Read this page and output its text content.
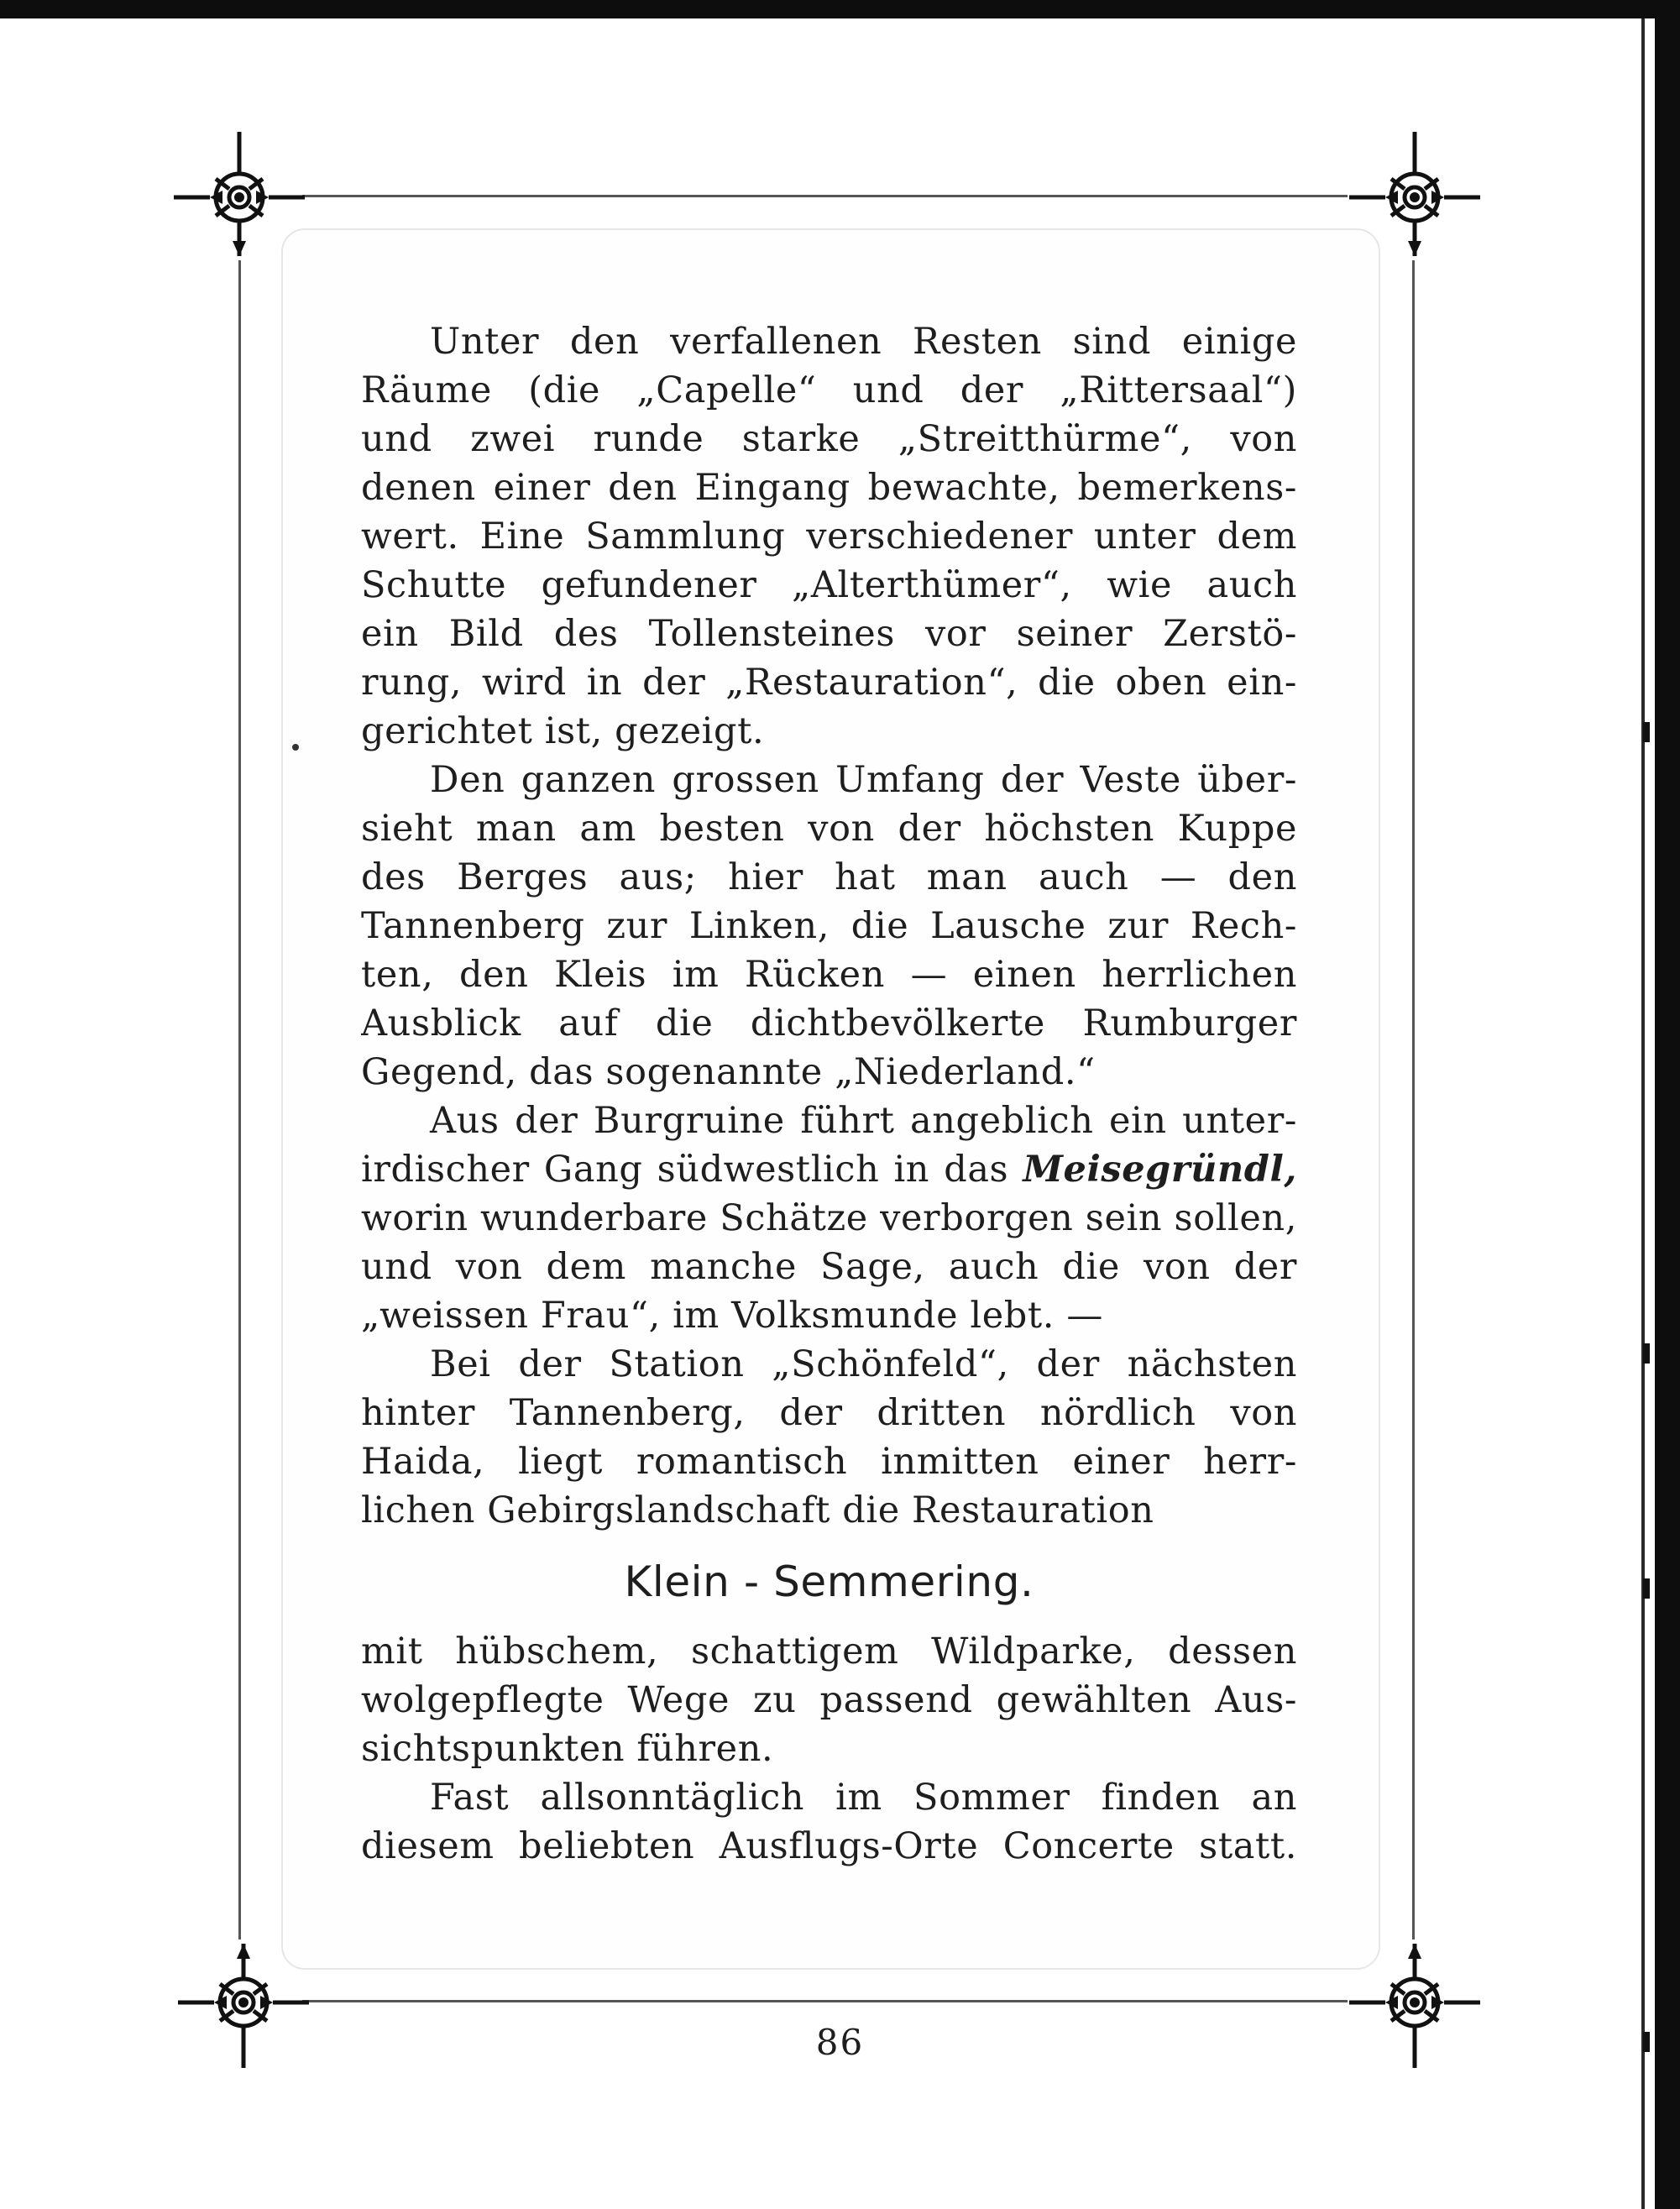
Unter den verfallenen Resten sind einige
Räume (die „Capelle“ und der „Rittersaal“)
und zwei runde starke „Streitthürme“, von
denen einer den Eingang bewachte, bemerkens-
wert. Eine Sammlung verschiedener unter dem
Schutte gefundener „Alterthümer“, wie auch
ein Bild des Tollensteines vor seiner Zerstö-
rung, wird in der „Restauration“, die oben ein-
gerichtet ist, gezeigt.
Den ganzen grossen Umfang der Veste über-
sieht man am besten von der höchsten Kuppe
des Berges aus; hier hat man auch — den
Tannenberg zur Linken, die Lausche zur Rech-
ten, den Kleis im Rücken — einen herrlichen
Ausblick auf die dichtbevölkerte Rumburger
Gegend, das sogenannte „Niederland.“
Aus der Burgruine führt angeblich ein unter-
irdischer Gang südwestlich in das Meisegründl,
worin wunderbare Schätze verborgen sein sollen,
und von dem manche Sage, auch die von der
„weissen Frau“, im Volksmunde lebt. —
Bei der Station „Schönfeld“, der nächsten
hinter Tannenberg, der dritten nördlich von
Haida, liegt romantisch inmitten einer herr-
lichen Gebirgslandschaft die Restauration
Klein - Semmering.
mit hübschem, schattigem Wildparke, dessen
wolgepflegte Wege zu passend gewählten Aus-
sichtspunkten führen.
Fast allsonntäglich im Sommer finden an
diesem beliebten Ausflugs-Orte Concerte statt.
86
